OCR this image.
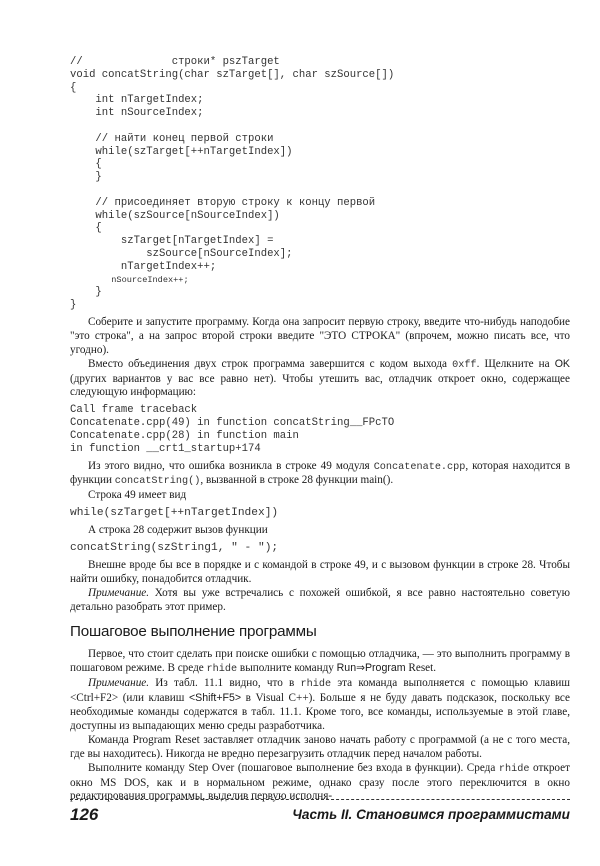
//              строки* pszTarget
void concatString(char szTarget[], char szSource[])
{
int nTargetIndex;
int nSourceIndex;

// найти конец первой строки
while(szTarget[++nTargetIndex])
{
}

// присоединяет вторую строку к концу первой
while(szSource[nSourceIndex])
{
szTarget[nTargetIndex] =
szSource[nSourceIndex];
nTargetIndex++;
nSourceIndex++;
}
}

Соберите и запустите программу. Когда она запросит первую строку, введите что-нибудь наподобие "это строка", а на запрос второй строки введите "ЭТО СТРОКА" (впрочем, можно писать все, что угодно).

Вместо объединения двух строк программа завершится с кодом выхода 0xff. Щелкните на OK (других вариантов у вас все равно нет). Чтобы утешить вас, отладчик откроет окно, содержащее следующую информацию:

Call frame traceback
Concatenate.cpp(49) in function concatString__FPcTO
Concatenate.cpp(28) in function main
in function __crt1_startup+174

Из этого видно, что ошибка возникла в строке 49 модуля Concatenate.cpp, которая находится в функции concatString(), вызванной в строке 28 функции main().

Строка 49 имеет вид

while(szTarget[++nTargetIndex])

А строка 28 содержит вызов функции

concatString(szString1, " - ");

Внешне вроде бы все в порядке и с командой в строке 49, и с вызовом функции в строке 28. Чтобы найти ошибку, понадобится отладчик.

Примечание. Хотя вы уже встречались с похожей ошибкой, я все равно настоятельно советую детально разобрать этот пример.

Пошаговое выполнение программы

Первое, что стоит сделать при поиске ошибки с помощью отладчика, — это выполнить программу в пошаговом режиме. В среде rhide выполните команду Run⇒Program Reset.

Примечание. Из табл. 11.1 видно, что в rhide эта команда выполняется с помощью клавиш <Ctrl+F2> (или клавиш <Shift+F5> в Visual C++). Больше я не буду давать подсказок, поскольку все необходимые команды содержатся в табл. 11.1. Кроме того, все команды, используемые в этой главе, доступны из выпадающих меню среды разработчика.

Команда Program Reset заставляет отладчик заново начать работу с программой (а не с того места, где вы находитесь). Никогда не вредно перезагрузить отладчик перед началом работы.

Выполните команду Step Over (пошаговое выполнение без входа в функции). Среда rhide откроет окно MS DOS, как и в нормальном режиме, однако сразу после этого переключится в окно редактирования программы, выделив первую исполня-

126	Часть II. Становимся программистами
